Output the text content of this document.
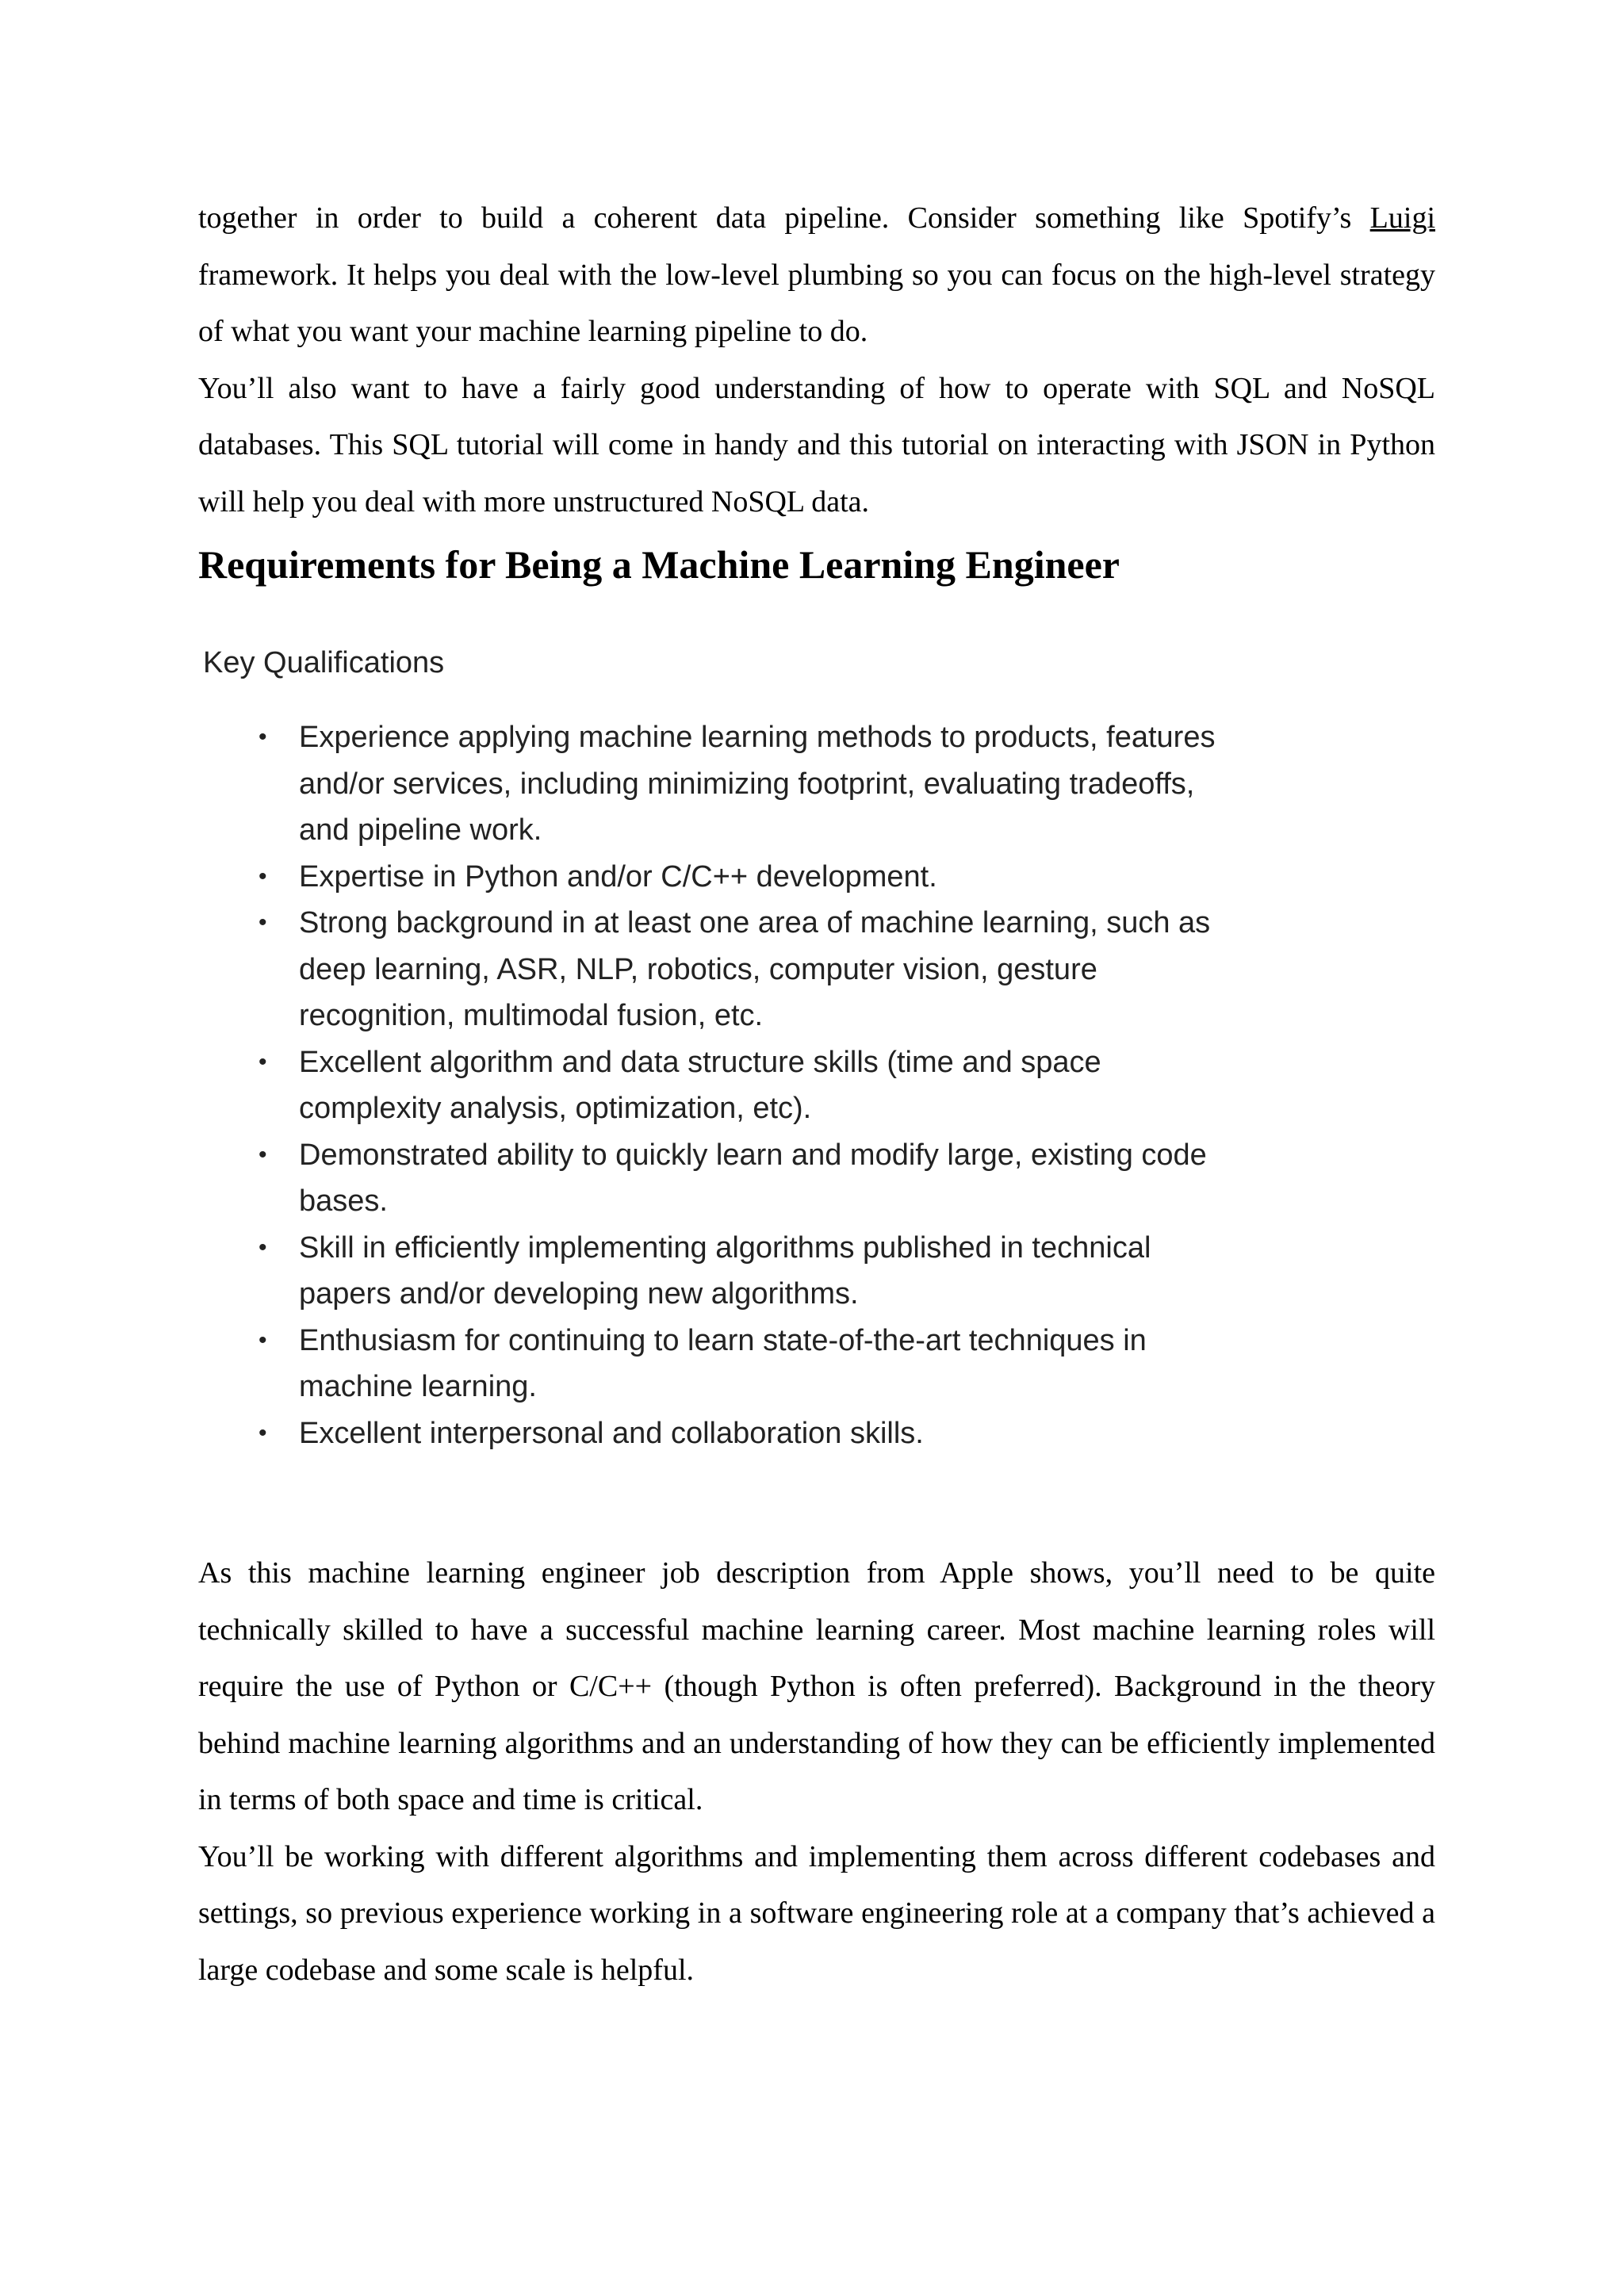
together in order to build a coherent data pipeline. Consider something like Spotify’s Luigi framework. It helps you deal with the low-level plumbing so you can focus on the high-level strategy of what you want your machine learning pipeline to do.

You’ll also want to have a fairly good understanding of how to operate with SQL and NoSQL databases. This SQL tutorial will come in handy and this tutorial on interacting with JSON in Python will help you deal with more unstructured NoSQL data.

Requirements for Being a Machine Learning Engineer
Key Qualifications
• Experience applying machine learning methods to products, features and/or services, including minimizing footprint, evaluating tradeoffs, and pipeline work.
• Expertise in Python and/or C/C++ development.
• Strong background in at least one area of machine learning, such as deep learning, ASR, NLP, robotics, computer vision, gesture recognition, multimodal fusion, etc.
• Excellent algorithm and data structure skills (time and space complexity analysis, optimization, etc).
• Demonstrated ability to quickly learn and modify large, existing code bases.
• Skill in efficiently implementing algorithms published in technical papers and/or developing new algorithms.
• Enthusiasm for continuing to learn state-of-the-art techniques in machine learning.
• Excellent interpersonal and collaboration skills.

As this machine learning engineer job description from Apple shows, you’ll need to be quite technically skilled to have a successful machine learning career. Most machine learning roles will require the use of Python or C/C++ (though Python is often preferred). Background in the theory behind machine learning algorithms and an understanding of how they can be efficiently implemented in terms of both space and time is critical.

You’ll be working with different algorithms and implementing them across different codebases and settings, so previous experience working in a software engineering role at a company that’s achieved a large codebase and some scale is helpful.
